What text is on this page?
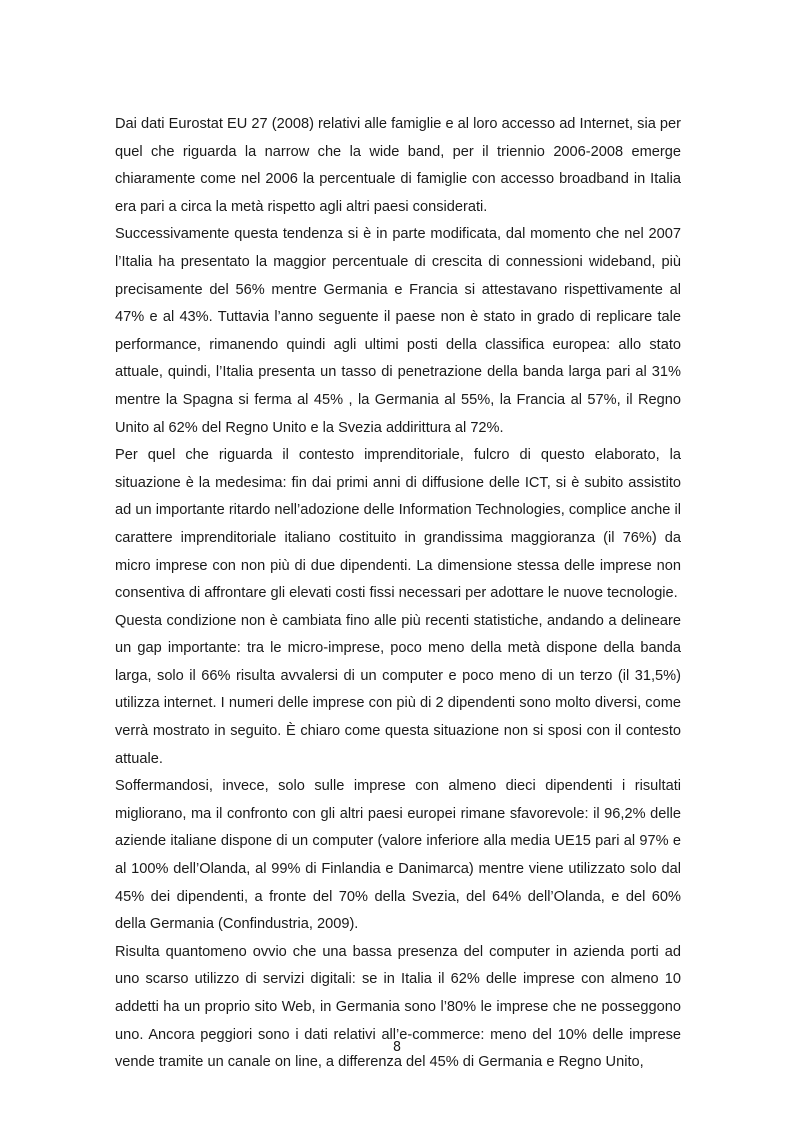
Dai dati Eurostat EU 27 (2008) relativi alle famiglie e al loro accesso ad Internet, sia per quel che riguarda la narrow che la wide band, per il triennio 2006-2008 emerge chiaramente come nel 2006 la percentuale di famiglie con accesso broadband in Italia era pari a circa la metà rispetto agli altri paesi considerati.

Successivamente questa tendenza si è in parte modificata, dal momento che nel 2007 l’Italia ha presentato la maggior percentuale di crescita di connessioni wideband, più precisamente del 56% mentre Germania e Francia si attestavano rispettivamente al 47% e al 43%. Tuttavia l’anno seguente il paese non è stato in grado di replicare tale performance, rimanendo quindi agli ultimi posti della classifica europea: allo stato attuale, quindi, l’Italia presenta un tasso di penetrazione della banda larga pari al 31% mentre la Spagna si ferma al 45% , la Germania al 55%, la Francia al 57%, il Regno Unito al 62% del Regno Unito e la Svezia addirittura al 72%.

Per quel che riguarda il contesto imprenditoriale, fulcro di questo elaborato, la situazione è la medesima: fin dai primi anni di diffusione delle ICT, si è subito assistito ad un importante ritardo nell’adozione delle Information Technologies, complice anche il carattere imprenditoriale italiano costituito in grandissima maggioranza (il 76%) da micro imprese con non più di due dipendenti. La dimensione stessa delle imprese non consentiva di affrontare gli elevati costi fissi necessari per adottare le nuove tecnologie.

Questa condizione non è cambiata fino alle più recenti statistiche, andando a delineare un gap importante: tra le micro-imprese, poco meno della metà dispone della banda larga, solo il 66% risulta avvalersi di un computer e poco meno di un terzo (il 31,5%) utilizza internet. I numeri delle imprese con più di 2 dipendenti sono molto diversi, come verrà mostrato in seguito. È chiaro come questa situazione non si sposi con il contesto attuale.

Soffermandosi, invece, solo sulle imprese con almeno dieci dipendenti i risultati migliorano, ma il confronto con gli altri paesi europei rimane sfavorevole: il 96,2% delle aziende italiane dispone di un computer (valore inferiore alla media UE15 pari al 97% e al 100% dell’Olanda, al 99% di Finlandia e Danimarca) mentre viene utilizzato solo dal 45% dei dipendenti, a fronte del 70% della Svezia, del 64% dell’Olanda, e del 60% della Germania (Confindustria, 2009).

Risulta quantomeno ovvio che una bassa presenza del computer in azienda porti ad uno scarso utilizzo di servizi digitali: se in Italia il 62% delle imprese con almeno 10 addetti ha un proprio sito Web, in Germania sono l’80% le imprese che ne posseggono uno. Ancora peggiori sono i dati relativi all’e-commerce: meno del 10% delle imprese vende tramite un canale on line, a differenza del 45% di Germania e Regno Unito,

8
